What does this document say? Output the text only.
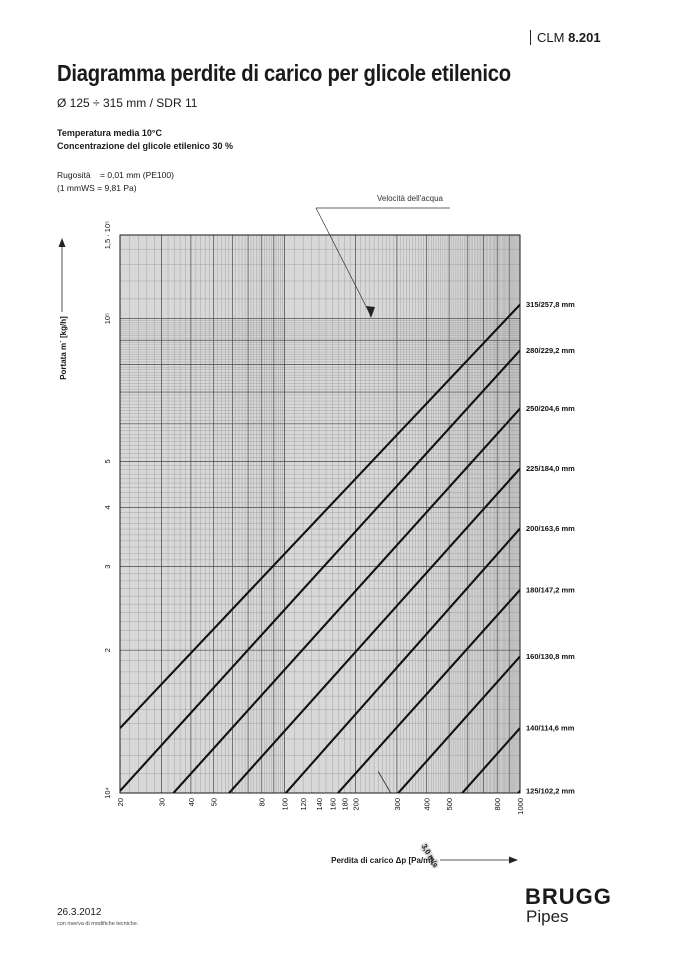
CLM 8.201
Diagramma perdite di carico per glicole etilenico
Ø 125 ÷ 315 mm / SDR 11
Temperatura media 10°C
Concentrazione del glicole etilenico 30 %
Rugosità    = 0,01 mm (PE100)
(1 mmWS = 9,81 Pa)
3,0 m/s
315/257,8 mm
280/229,2 mm
250/204,6 mm
225/184,0 mm
200/163,6 mm
180/147,2 mm
160/130,8 mm
140/114,6 mm
125/102,2 mm
20	30	40 50	80 100 120 140 160 180 200	300	400 500	800 1000
10⁴
2
3
4
5
10⁵
1,5 · 10⁵
Velocità dell'acqua
Portata m˙ [kg/h]
Perdita di carico Δp [Pa/m]
26.3.2012
con riserva di modifiche tecniche.
BRUGG
Pipes
